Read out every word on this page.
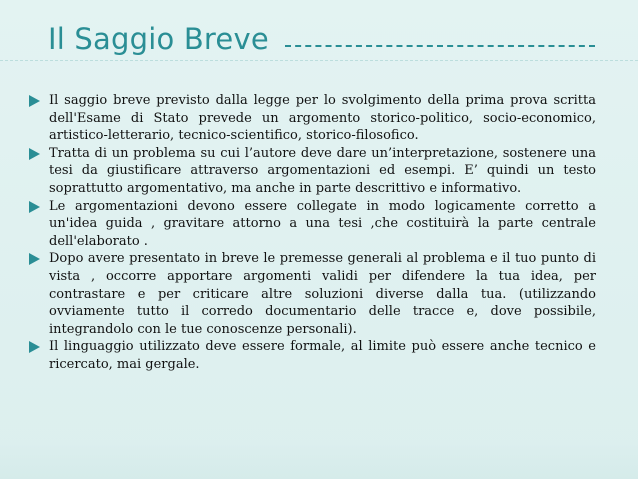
Il Saggio Breve

Il saggio breve previsto dalla legge per lo svolgimento della prima prova scritta dell'Esame di Stato prevede un argomento storico-politico, socio-economico, artistico-letterario, tecnico-scientifico, storico-filosofico.

Tratta di un problema su cui l’autore deve dare un’interpretazione, sostenere una tesi da giustificare attraverso argomentazioni ed esempi. E’ quindi un testo soprattutto argomentativo, ma anche in parte descrittivo e informativo.

Le argomentazioni devono essere collegate in modo logicamente corretto a un'idea guida , gravitare attorno a una tesi ,che costituirà la parte centrale dell'elaborato .

Dopo avere presentato in breve le premesse generali al problema e il tuo punto di vista , occorre apportare argomenti validi per difendere la tua idea, per contrastare e per criticare altre soluzioni diverse dalla tua. (utilizzando ovviamente tutto il corredo documentario delle tracce e, dove possibile, integrandolo con le tue conoscenze personali).

Il linguaggio utilizzato deve essere formale, al limite può essere anche tecnico e ricercato, mai gergale.
